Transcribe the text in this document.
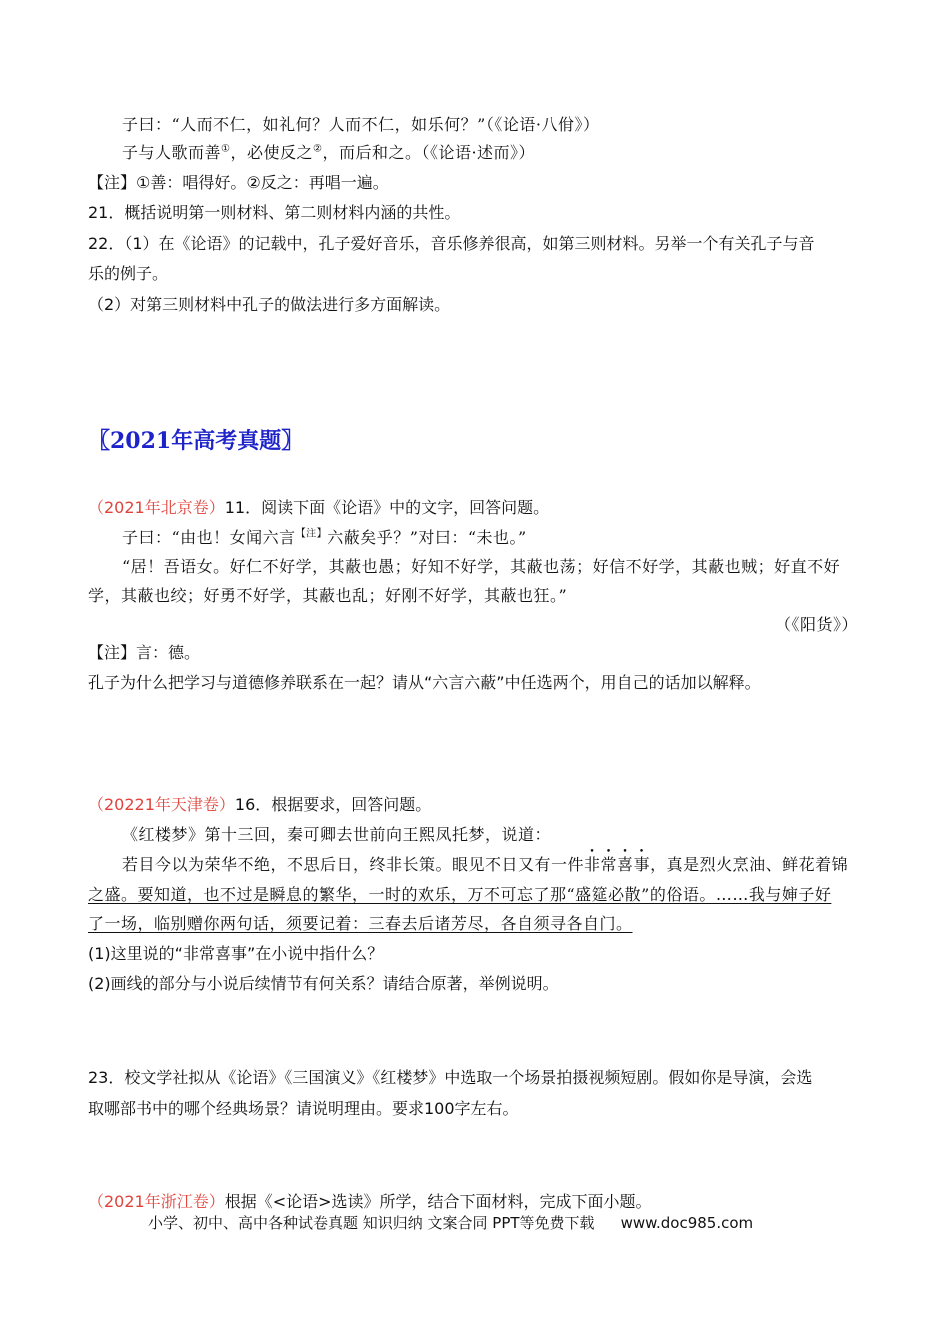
子曰：“人而不仁，如礼何？人而不仁，如乐何？”（《论语·八佾》）
子与人歌而善①，必使反之②，而后和之。（《论语·述而》）
【注】①善：唱得好。②反之：再唱一遍。
21．概括说明第一则材料、第二则材料内涵的共性。
22．（1）在《论语》的记载中，孔子爱好音乐，音乐修养很高，如第三则材料。另举一个有关孔子与音
乐的例子。
（2）对第三则材料中孔子的做法进行多方面解读。
〖2021年高考真题〗
（2021年北京卷）11．阅读下面《论语》中的文字，回答问题。
子曰：“由也！女闻六言$^{【注】}$六蔽矣乎？”对曰：“未也。”
“居！吾语女。好仁不好学，其蔽也愚；好知不好学，其蔽也荡；好信不好学，其蔽也贼；好直不好
学，其蔽也绞；好勇不好学，其蔽也乱；好刚不好学，其蔽也狂。”
（《阳货》）
【注】言：德。
孔子为什么把学习与道德修养联系在一起？请从“六言六蔽”中任选两个，用自己的话加以解释。
（20221年天津卷）16．根据要求，回答问题。
《红楼梦》第十三回，秦可卿去世前向王熙凤托梦，说道：
若目今以为荣华不绝，不思后日，终非长策。眼见不日又有一件非常喜事，真是烈火烹油、鲜花着锦
之盛。要知道，也不过是瞬息的繁华，一时的欢乐，万不可忘了那“盛筵必散”的俗语。……我与婶子好
了一场，临别赠你两句话，须要记着：三春去后诸芳尽，各自须寻各自门。
(1)这里说的“非常喜事”在小说中指什么？
(2)画线的部分与小说后续情节有何关系？请结合原著，举例说明。
23．校文学社拟从《论语》《三国演义》《红楼梦》中选取一个场景拍摄视频短剧。假如你是导演，会选
取哪部书中的哪个经典场景？请说明理由。要求100字左右。
（2021年浙江卷）根据《<论语>选读》所学，结合下面材料，完成下面小题。
小学、初中、高中各种试卷真题 知识归纳 文案合同 PPT等免费下载 www.doc985.com
